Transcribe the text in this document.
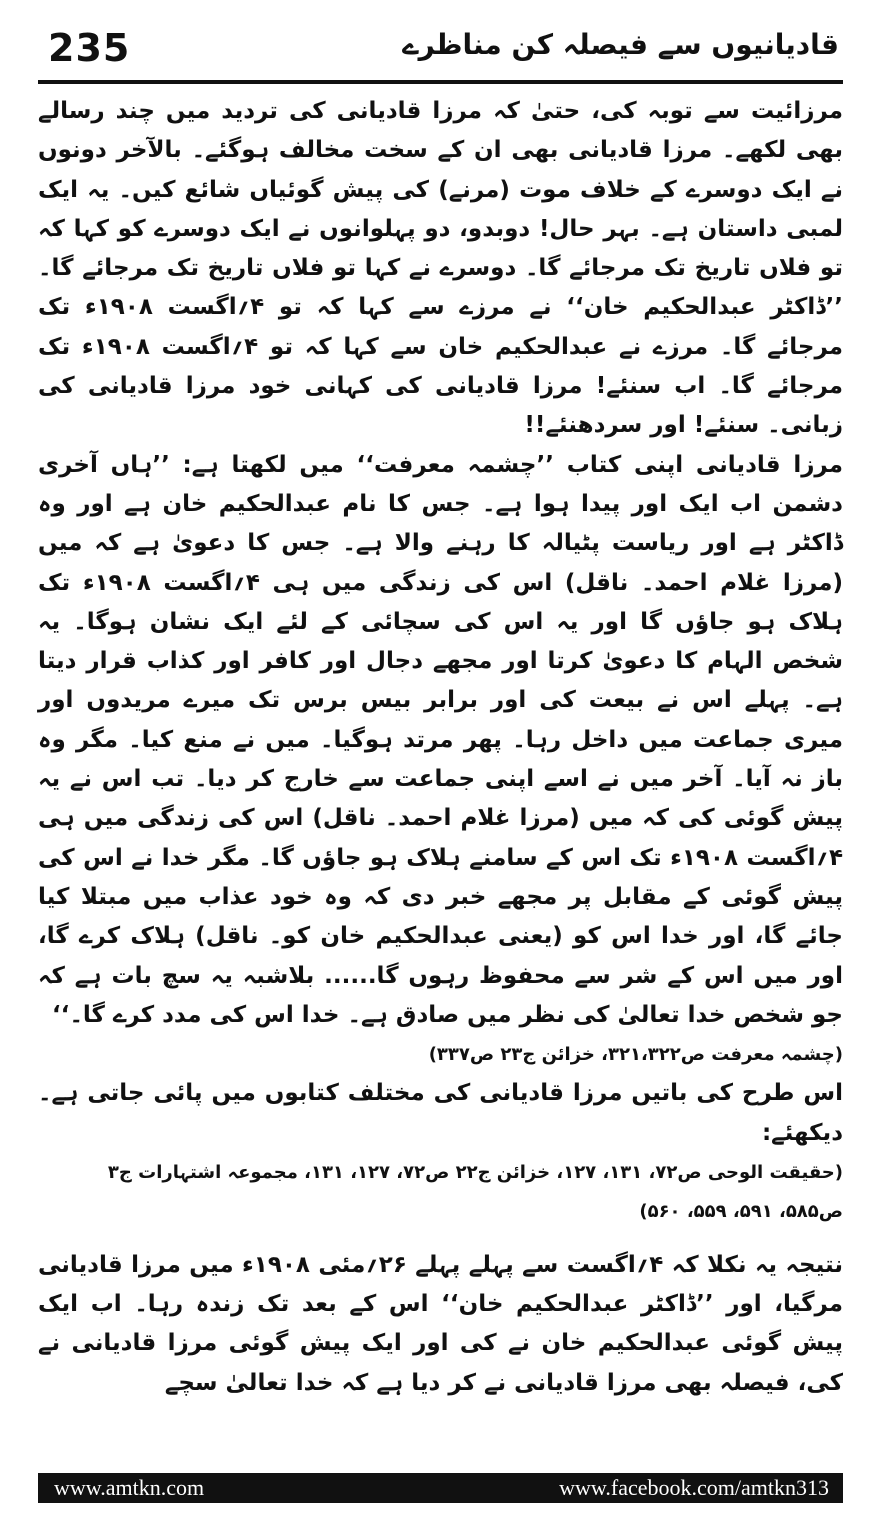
235	قادیانیوں سے فیصلہ کن مناظرے

مرزائیت سے توبہ کی، حتیٰ کہ مرزا قادیانی کی تردید میں چند رسالے بھی لکھے۔ مرزا قادیانی بھی ان کے سخت مخالف ہوگئے۔ بالآخر دونوں نے ایک دوسرے کے خلاف موت (مرنے) کی پیش گوئیاں شائع کیں۔ یہ ایک لمبی داستان ہے۔ بہر حال! دوبدو، دو پہلوانوں نے ایک دوسرے کو کہا کہ تو فلاں تاریخ تک مرجائے گا۔ دوسرے نے کہا تو فلاں تاریخ تک مرجائے گا۔ ’’ڈاکٹر عبدالحکیم خان‘‘ نے مرزے سے کہا کہ تو ۴؍اگست ۱۹۰۸ء تک مرجائے گا۔ مرزے نے عبدالحکیم خان سے کہا کہ تو ۴؍اگست ۱۹۰۸ء تک مرجائے گا۔ اب سنئے! مرزا قادیانی کی کہانی خود مرزا قادیانی کی زبانی۔ سنئے! اور سردھنئے!!

مرزا قادیانی اپنی کتاب ’’چشمہ معرفت‘‘ میں لکھتا ہے: ’’ہاں آخری دشمن اب ایک اور پیدا ہوا ہے۔ جس کا نام عبدالحکیم خان ہے اور وہ ڈاکٹر ہے اور ریاست پٹیالہ کا رہنے والا ہے۔ جس کا دعویٰ ہے کہ میں (مرزا غلام احمد۔ ناقل) اس کی زندگی میں ہی ۴؍اگست ۱۹۰۸ء تک ہلاک ہو جاؤں گا اور یہ اس کی سچائی کے لئے ایک نشان ہوگا۔ یہ شخص الہام کا دعویٰ کرتا اور مجھے دجال اور کافر اور کذاب قرار دیتا ہے۔ پہلے اس نے بیعت کی اور برابر بیس برس تک میرے مریدوں اور میری جماعت میں داخل رہا۔ پھر مرتد ہوگیا۔ میں نے منع کیا۔ مگر وہ باز نہ آیا۔ آخر میں نے اسے اپنی جماعت سے خارج کر دیا۔ تب اس نے یہ پیش گوئی کی کہ میں (مرزا غلام احمد۔ ناقل) اس کی زندگی میں ہی ۴؍اگست ۱۹۰۸ء تک اس کے سامنے ہلاک ہو جاؤں گا۔ مگر خدا نے اس کی پیش گوئی کے مقابل پر مجھے خبر دی کہ وہ خود عذاب میں مبتلا کیا جائے گا، اور خدا اس کو (یعنی عبدالحکیم خان کو۔ ناقل) ہلاک کرے گا، اور میں اس کے شر سے محفوظ رہوں گا...... بلاشبہ یہ سچ بات ہے کہ جو شخص خدا تعالیٰ کی نظر میں صادق ہے۔ خدا اس کی مدد کرے گا۔‘‘

(چشمہ معرفت ص۳۲۱،۳۲۲، خزائن ج۲۳ ص۳۳۷)

اس طرح کی باتیں مرزا قادیانی کی مختلف کتابوں میں پائی جاتی ہے۔ دیکھئے:

(حقیقت الوحی ص۷۲، ۱۳۱، ۱۲۷، خزائن ج۲۲ ص۷۲، ۱۲۷، ۱۳۱، مجموعہ اشتہارات ج۳ ص۵۸۵، ۵۹۱، ۵۵۹، ۵۶۰)

نتیجہ یہ نکلا کہ ۴؍اگست سے پہلے پہلے ۲۶؍مئی ۱۹۰۸ء میں مرزا قادیانی مرگیا، اور ’’ڈاکٹر عبدالحکیم خان‘‘ اس کے بعد تک زندہ رہا۔ اب ایک پیش گوئی عبدالحکیم خان نے کی اور ایک پیش گوئی مرزا قادیانی نے کی، فیصلہ بھی مرزا قادیانی نے کر دیا ہے کہ خدا تعالیٰ سچے

www.amtkn.com	www.facebook.com/amtkn313
